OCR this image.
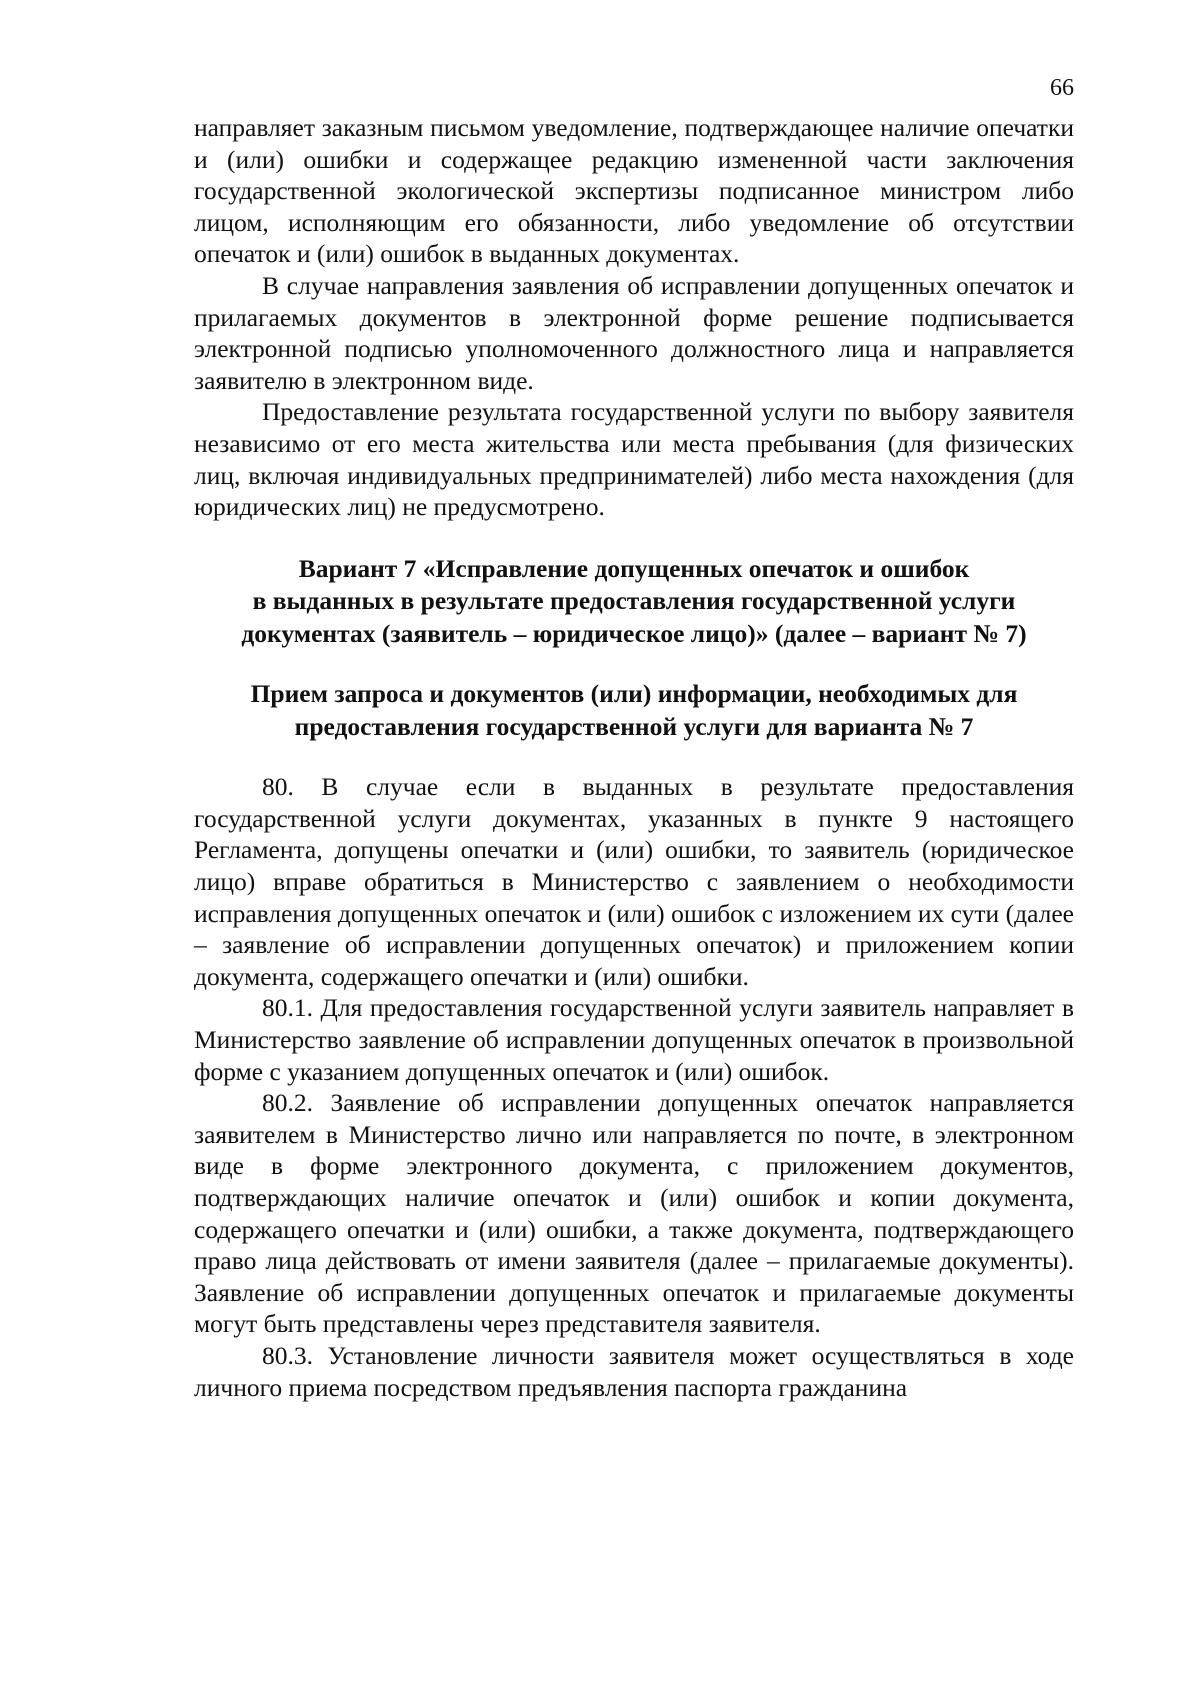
66

направляет заказным письмом уведомление, подтверждающее наличие опечатки и (или) ошибки и содержащее редакцию измененной части заключения государственной экологической экспертизы подписанное министром либо лицом, исполняющим его обязанности, либо уведомление об отсутствии опечаток и (или) ошибок в выданных документах.

В случае направления заявления об исправлении допущенных опечаток и прилагаемых документов в электронной форме решение подписывается электронной подписью уполномоченного должностного лица и направляется заявителю в электронном виде.

Предоставление результата государственной услуги по выбору заявителя независимо от его места жительства или места пребывания (для физических лиц, включая индивидуальных предпринимателей) либо места нахождения (для юридических лиц) не предусмотрено.

Вариант 7 «Исправление допущенных опечаток и ошибок
в выданных в результате предоставления государственной услуги
документах (заявитель – юридическое лицо)» (далее – вариант № 7)
Прием запроса и документов (или) информации, необходимых для
предоставления государственной услуги для варианта № 7

80. В случае если в выданных в результате предоставления государственной услуги документах, указанных в пункте 9 настоящего Регламента, допущены опечатки и (или) ошибки, то заявитель (юридическое лицо) вправе обратиться в Министерство с заявлением о необходимости исправления допущенных опечаток и (или) ошибок с изложением их сути (далее – заявление об исправлении допущенных опечаток) и приложением копии документа, содержащего опечатки и (или) ошибки.

80.1. Для предоставления государственной услуги заявитель направляет в Министерство заявление об исправлении допущенных опечаток в произвольной форме с указанием допущенных опечаток и (или) ошибок.

80.2. Заявление об исправлении допущенных опечаток направляется заявителем в Министерство лично или направляется по почте, в электронном виде в форме электронного документа, с приложением документов, подтверждающих наличие опечаток и (или) ошибок и копии документа, содержащего опечатки и (или) ошибки, а также документа, подтверждающего право лица действовать от имени заявителя (далее – прилагаемые документы). Заявление об исправлении допущенных опечаток и прилагаемые документы могут быть представлены через представителя заявителя.

80.3. Установление личности заявителя может осуществляться в ходе личного приема посредством предъявления паспорта гражданина
